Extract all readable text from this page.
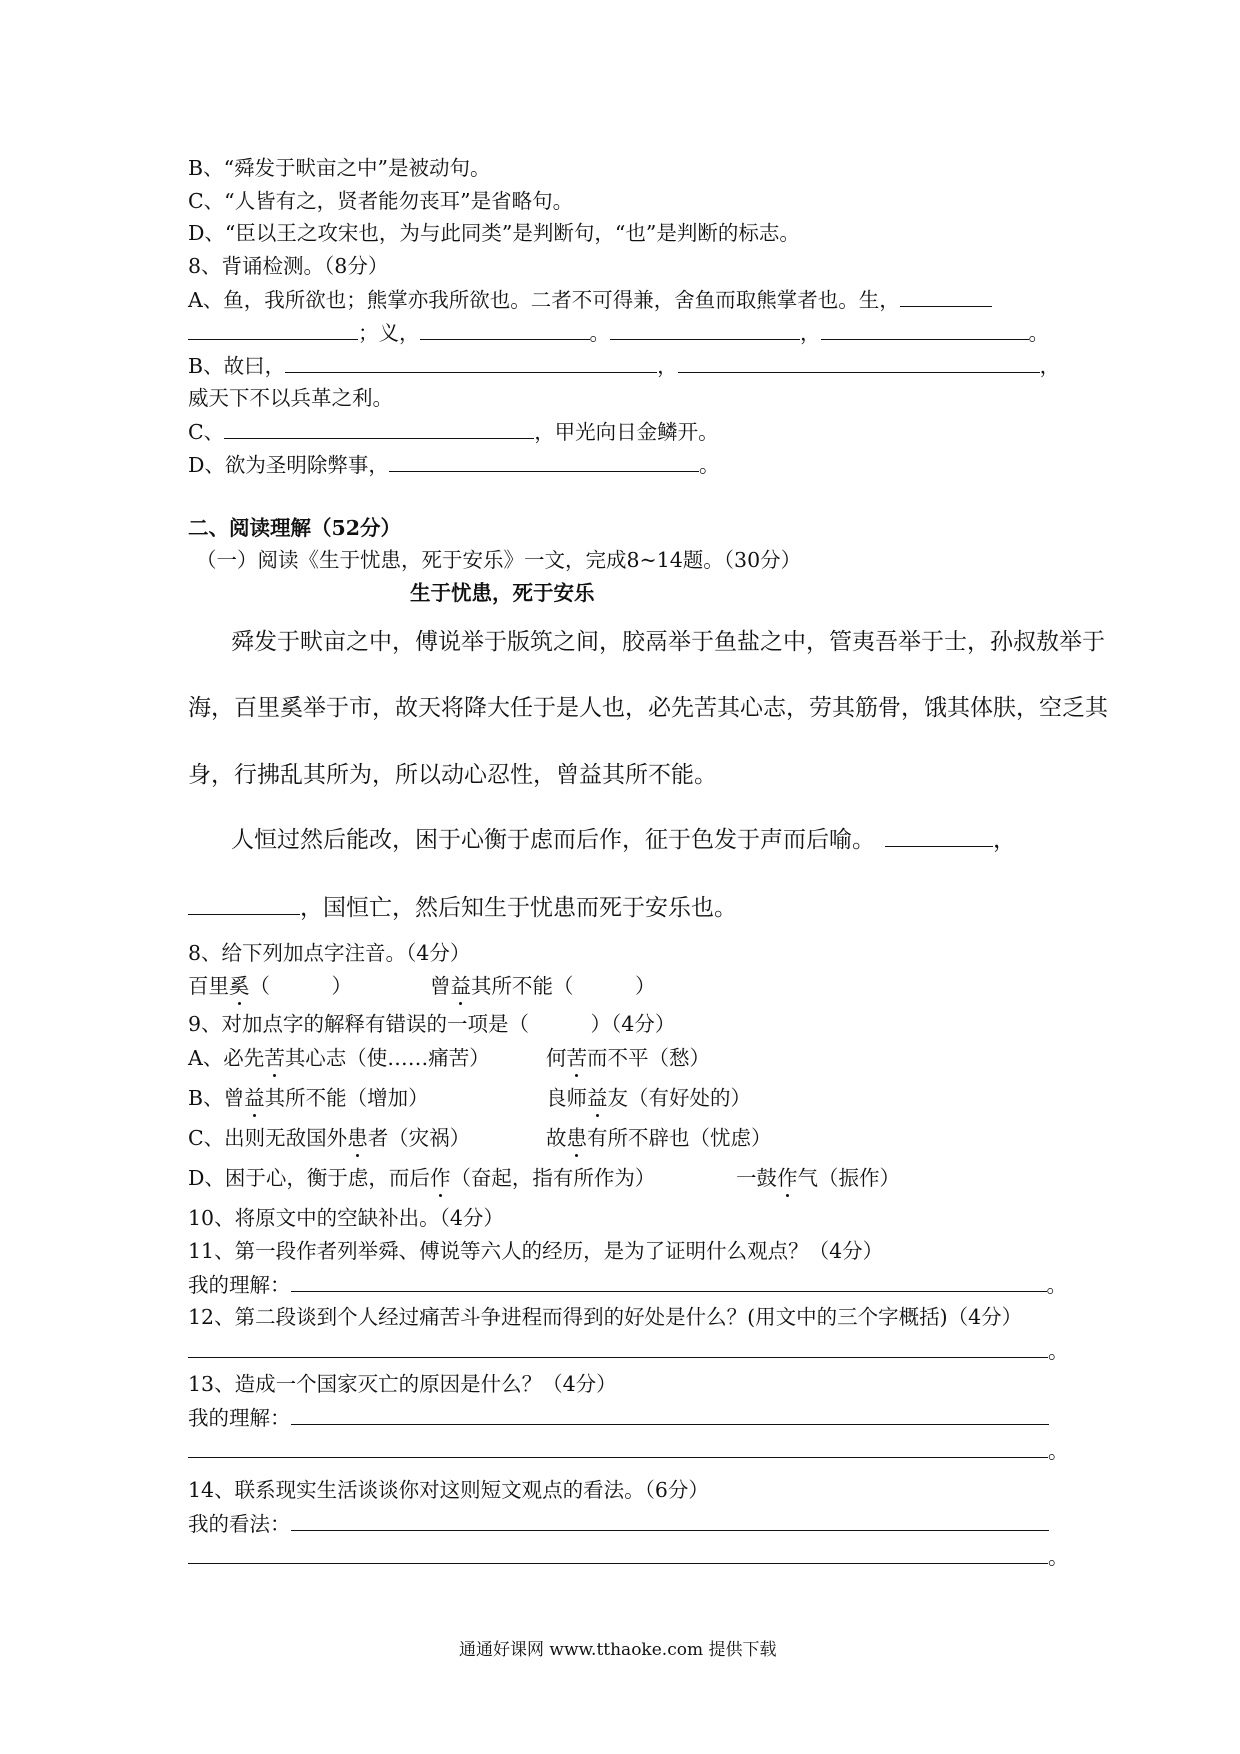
B、“舜发于畎亩之中”是被动句。
C、“人皆有之，贤者能勿丧耳”是省略句。
D、“臣以王之攻宋也，为与此同类”是判断句，“也”是判断的标志。
8、背诵检测。（8分）
A、鱼，我所欲也；熊掌亦我所欲也。二者不可得兼，舍鱼而取熊掌者也。生，
；义，	。	，	。
B、故曰，	，	，
威天下不以兵革之利。
C、	，甲光向日金鳞开。
D、欲为圣明除弊事，	。
二、阅读理解（52分）
（一）阅读《生于忧患，死于安乐》一文，完成8~14题。（30分）
生于忧患，死于安乐
舜发于畎亩之中，傅说举于版筑之间，胶鬲举于鱼盐之中，管夷吾举于士，孙叔敖举于
海，百里奚举于市，故天将降大任于是人也，必先苦其心志，劳其筋骨，饿其体肤，空乏其
身，行拂乱其所为，所以动心忍性，曾益其所不能。
人恒过然后能改，困于心衡于虑而后作，征于色发于声而后喻。	，
，国恒亡，然后知生于忧患而死于安乐也。
8、给下列加点字注音。（4分）
百里奚（　　　）	曾益其所不能（　　　）
9、对加点字的解释有错误的一项是（　　　）（4分）
A、必先苦其心志（使……痛苦）	何苦而不平（愁）
B、曾益其所不能（增加）	良师益友（有好处的）
C、出则无敌国外患者（灾祸）	故患有所不辟也（忧虑）
D、困于心，衡于虑，而后作（奋起，指有所作为）	一鼓作气（振作）
10、将原文中的空缺补出。（4分）
11、第一段作者列举舜、傅说等六人的经历，是为了证明什么观点？（4分）
我的理解：	。
12、第二段谈到个人经过痛苦斗争进程而得到的好处是什么？(用文中的三个字概括)（4分）
。
13、造成一个国家灭亡的原因是什么？（4分）
我的理解：
。
14、联系现实生活谈谈你对这则短文观点的看法。（6分）
我的看法：
。
通通好课网 www.tthaoke.com 提供下载
